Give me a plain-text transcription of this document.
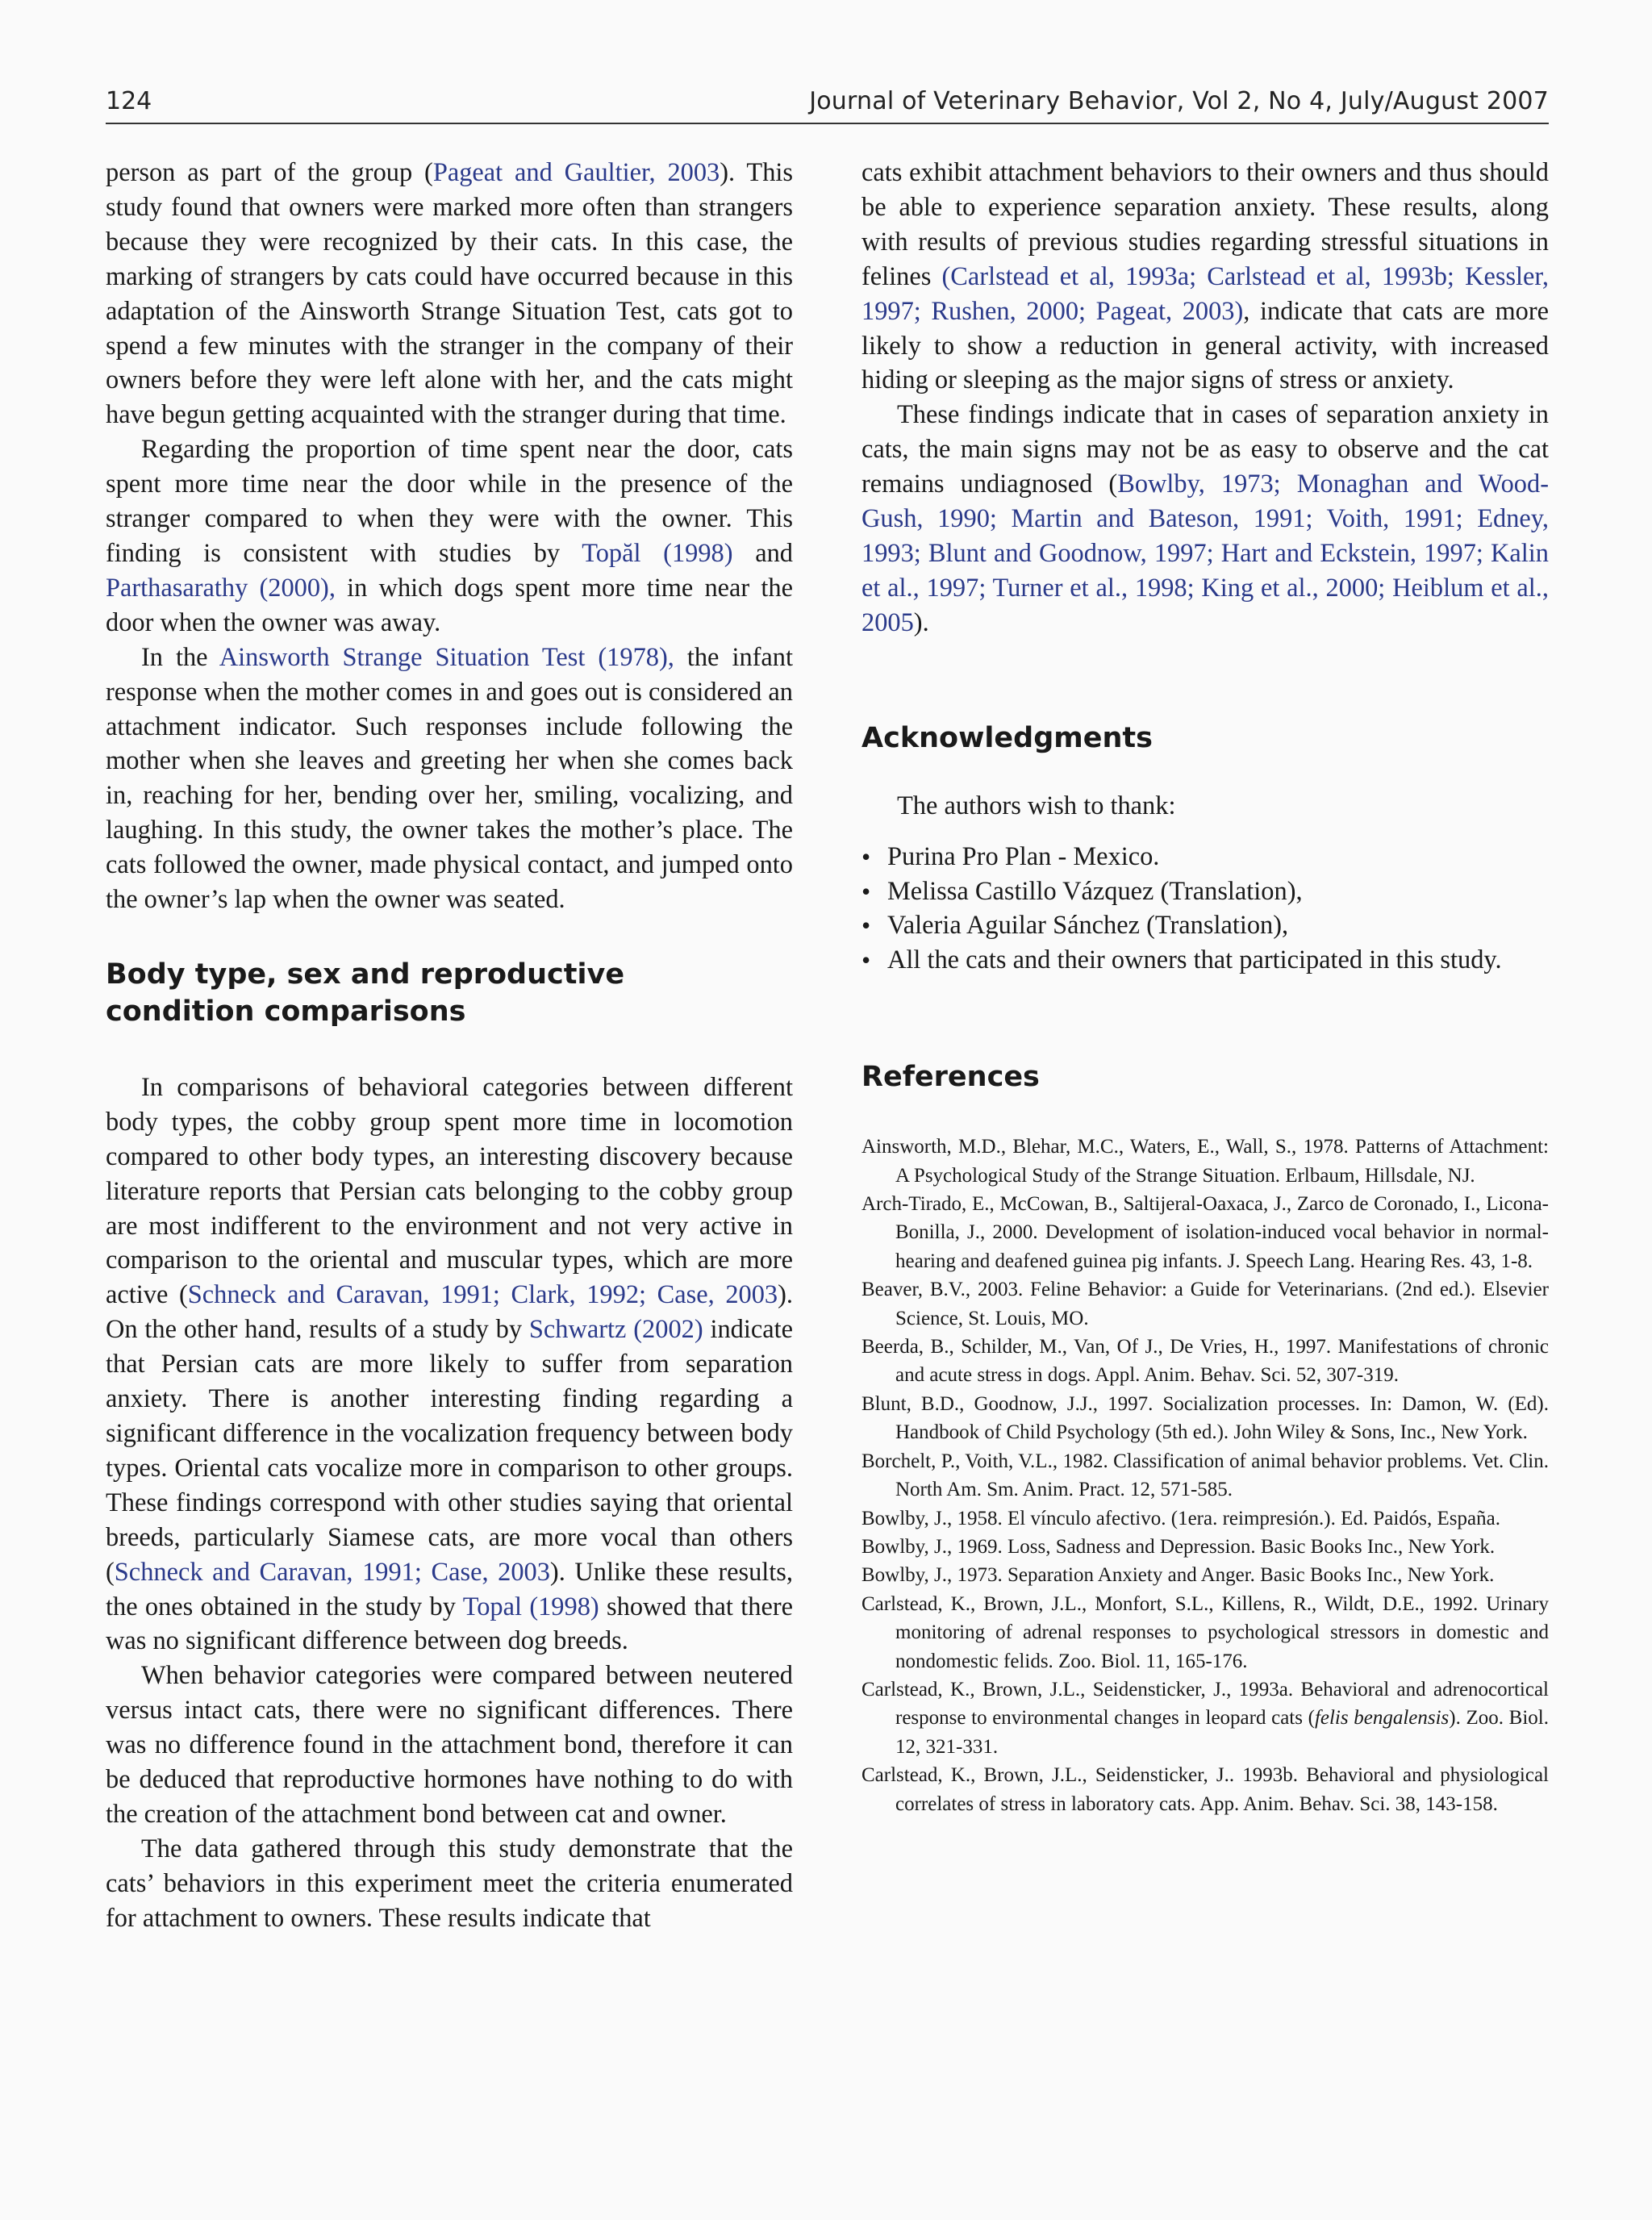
124	Journal of Veterinary Behavior, Vol 2, No 4, July/August 2007

person as part of the group (Pageat and Gaultier, 2003). This study found that owners were marked more often than strangers because they were recognized by their cats. In this case, the marking of strangers by cats could have occurred because in this adaptation of the Ainsworth Strange Situation Test, cats got to spend a few minutes with the stranger in the company of their owners before they were left alone with her, and the cats might have begun getting acquainted with the stranger during that time.

Regarding the proportion of time spent near the door, cats spent more time near the door while in the presence of the stranger compared to when they were with the owner. This finding is consistent with studies by Topăl (1998) and Parthasarathy (2000), in which dogs spent more time near the door when the owner was away.

In the Ainsworth Strange Situation Test (1978), the infant response when the mother comes in and goes out is considered an attachment indicator. Such responses include following the mother when she leaves and greeting her when she comes back in, reaching for her, bending over her, smiling, vocalizing, and laughing. In this study, the owner takes the mother’s place. The cats followed the owner, made physical contact, and jumped onto the owner’s lap when the owner was seated.

Body type, sex and reproductive condition comparisons

In comparisons of behavioral categories between different body types, the cobby group spent more time in locomotion compared to other body types, an interesting discovery because literature reports that Persian cats belonging to the cobby group are most indifferent to the environment and not very active in comparison to the oriental and muscular types, which are more active (Schneck and Caravan, 1991; Clark, 1992; Case, 2003). On the other hand, results of a study by Schwartz (2002) indicate that Persian cats are more likely to suffer from separation anxiety. There is another interesting finding regarding a significant difference in the vocalization frequency between body types. Oriental cats vocalize more in comparison to other groups. These findings correspond with other studies saying that oriental breeds, particularly Siamese cats, are more vocal than others (Schneck and Caravan, 1991; Case, 2003). Unlike these results, the ones obtained in the study by Topal (1998) showed that there was no significant difference between dog breeds.

When behavior categories were compared between neutered versus intact cats, there were no significant differences. There was no difference found in the attachment bond, therefore it can be deduced that reproductive hormones have nothing to do with the creation of the attachment bond between cat and owner.

The data gathered through this study demonstrate that the cats’ behaviors in this experiment meet the criteria enumerated for attachment to owners. These results indicate that

cats exhibit attachment behaviors to their owners and thus should be able to experience separation anxiety. These results, along with results of previous studies regarding stressful situations in felines (Carlstead et al, 1993a; Carlstead et al, 1993b; Kessler, 1997; Rushen, 2000; Pageat, 2003), indicate that cats are more likely to show a reduction in general activity, with increased hiding or sleeping as the major signs of stress or anxiety.

These findings indicate that in cases of separation anxiety in cats, the main signs may not be as easy to observe and the cat remains undiagnosed (Bowlby, 1973; Monaghan and Wood-Gush, 1990; Martin and Bateson, 1991; Voith, 1991; Edney, 1993; Blunt and Goodnow, 1997; Hart and Eckstein, 1997; Kalin et al., 1997; Turner et al., 1998; King et al., 2000; Heiblum et al., 2005).

Acknowledgments

The authors wish to thank:

• Purina Pro Plan - Mexico.
• Melissa Castillo Vázquez (Translation),
• Valeria Aguilar Sánchez (Translation),
• All the cats and their owners that participated in this study.
References

Ainsworth, M.D., Blehar, M.C., Waters, E., Wall, S., 1978. Patterns of Attachment: A Psychological Study of the Strange Situation. Erlbaum, Hillsdale, NJ.

Arch-Tirado, E., McCowan, B., Saltijeral-Oaxaca, J., Zarco de Coronado, I., Licona-Bonilla, J., 2000. Development of isolation-induced vocal behavior in normal-hearing and deafened guinea pig infants. J. Speech Lang. Hearing Res. 43, 1-8.

Beaver, B.V., 2003. Feline Behavior: a Guide for Veterinarians. (2nd ed.). Elsevier Science, St. Louis, MO.

Beerda, B., Schilder, M., Van, Of J., De Vries, H., 1997. Manifestations of chronic and acute stress in dogs. Appl. Anim. Behav. Sci. 52, 307-319.

Blunt, B.D., Goodnow, J.J., 1997. Socialization processes. In: Damon, W. (Ed). Handbook of Child Psychology (5th ed.). John Wiley & Sons, Inc., New York.

Borchelt, P., Voith, V.L., 1982. Classification of animal behavior problems. Vet. Clin. North Am. Sm. Anim. Pract. 12, 571-585.

Bowlby, J., 1958. El vínculo afectivo. (1era. reimpresión.). Ed. Paidós, España.

Bowlby, J., 1969. Loss, Sadness and Depression. Basic Books Inc., New York.

Bowlby, J., 1973. Separation Anxiety and Anger. Basic Books Inc., New York.

Carlstead, K., Brown, J.L., Monfort, S.L., Killens, R., Wildt, D.E., 1992. Urinary monitoring of adrenal responses to psychological stressors in domestic and nondomestic felids. Zoo. Biol. 11, 165-176.

Carlstead, K., Brown, J.L., Seidensticker, J., 1993a. Behavioral and adrenocortical response to environmental changes in leopard cats (felis bengalensis). Zoo. Biol. 12, 321-331.

Carlstead, K., Brown, J.L., Seidensticker, J.. 1993b. Behavioral and physiological correlates of stress in laboratory cats. App. Anim. Behav. Sci. 38, 143-158.
